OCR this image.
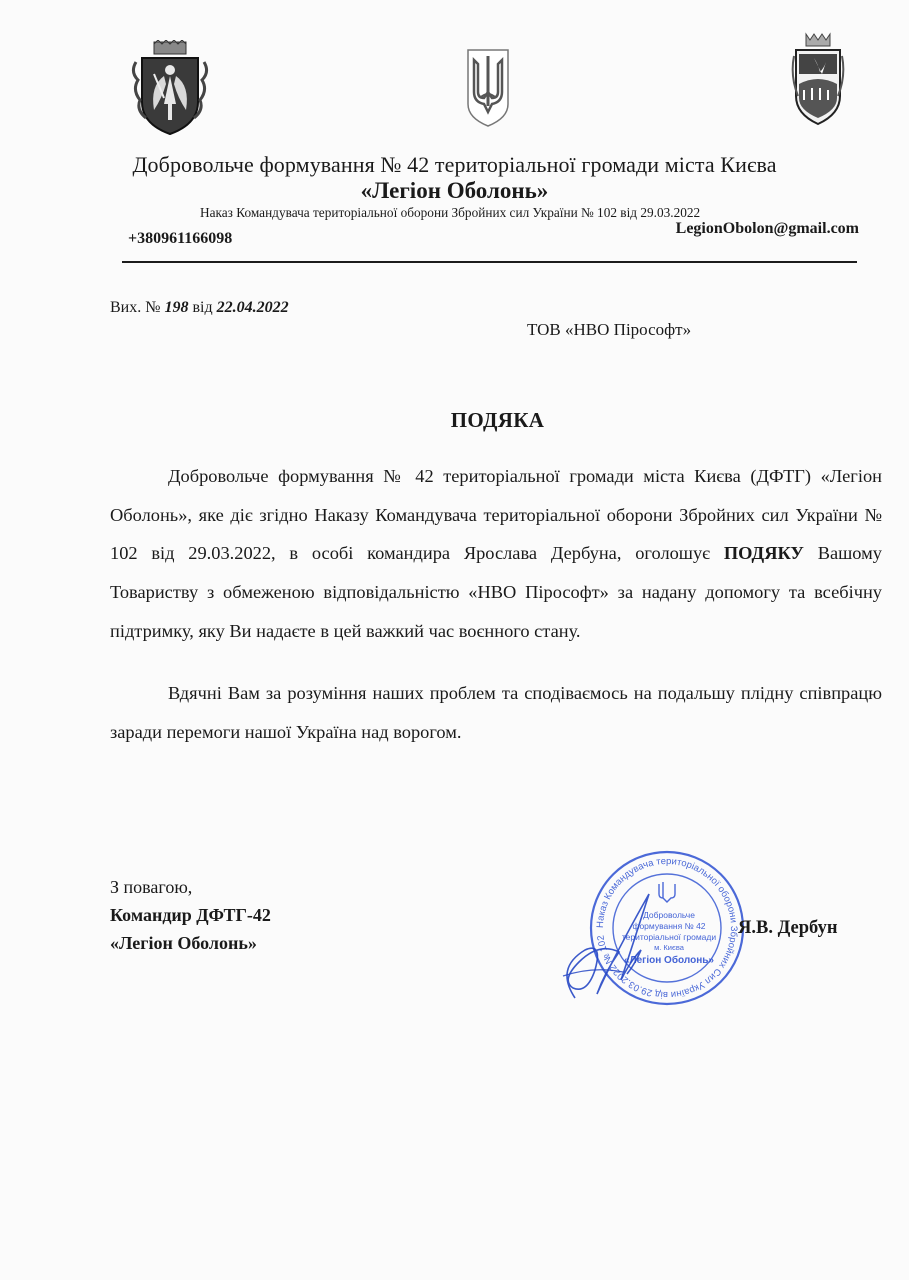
Добровольче формування № 42 територіальної громади міста Києва
«Легіон Оболонь»
Наказ Командувача територіальної оборони Збройних сил України № 102 від 29.03.2022
+380961166098
LegionObolon@gmail.com
Вих. № 198 від 22.04.2022
ТОВ «НВО Пірософт»
ПОДЯКА
Добровольче формування № 42 територіальної громади міста Києва (ДФТГ) «Легіон Оболонь», яке діє згідно Наказу Командувача територіальної оборони Збройних сил України № 102 від 29.03.2022, в особі командира Ярослава Дербуна, оголошує ПОДЯКУ Вашому Товариству з обмеженою відповідальністю «НВО Пірософт» за надану допомогу та всебічну підтримку, яку Ви надаєте в цей важкий час воєнного стану.
Вдячні Вам за розуміння наших проблем та сподіваємось на подальшу плідну співпрацю заради перемоги нашої Україна над ворогом.
З повагою,
Командир ДФТГ-42
«Легіон Оболонь»
Наказ Командувача територіальної оборони Збройних Сил України від 29.03.2022 № 102
Добровольче
формування № 42
територіальної громади
м. Києва
«Легіон Оболонь»
Я.В. Дербун
